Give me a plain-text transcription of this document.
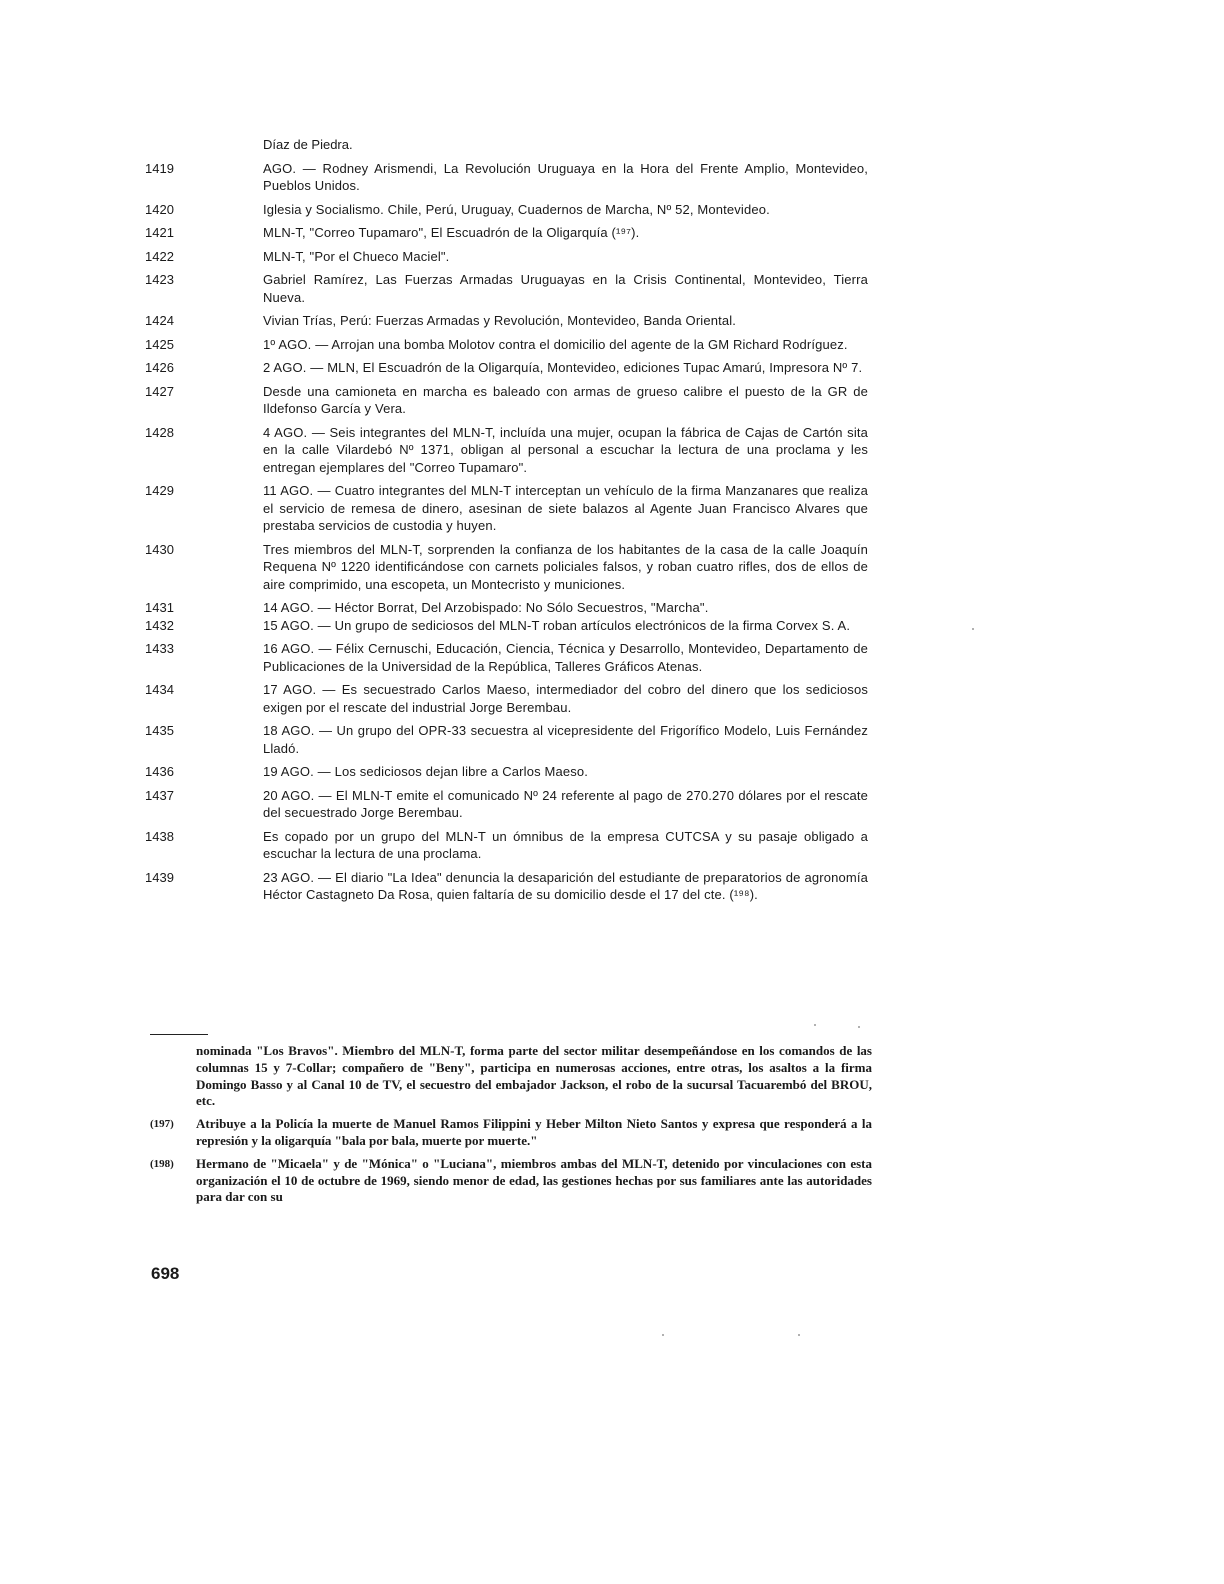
Díaz de Piedra.
1419	AGO. — Rodney Arismendi, La Revolución Uruguaya en la Hora del Frente Amplio, Montevideo, Pueblos Unidos.
1420	Iglesia y Socialismo. Chile, Perú, Uruguay, Cuadernos de Marcha, Nº 52, Montevideo.
1421	MLN-T, "Correo Tupamaro", El Escuadrón de la Oligarquía (¹⁹⁷).
1422	MLN-T, "Por el Chueco Maciel".
1423	Gabriel Ramírez, Las Fuerzas Armadas Uruguayas en la Crisis Continental, Montevideo, Tierra Nueva.
1424	Vivian Trías, Perú: Fuerzas Armadas y Revolución, Montevideo, Banda Oriental.
1425	1º AGO. — Arrojan una bomba Molotov contra el domicilio del agente de la GM Richard Rodríguez.
1426	2 AGO. — MLN, El Escuadrón de la Oligarquía, Montevideo, ediciones Tupac Amarú, Impresora Nº 7.
1427	Desde una camioneta en marcha es baleado con armas de grueso calibre el puesto de la GR de Ildefonso García y Vera.
1428	4 AGO. — Seis integrantes del MLN-T, incluída una mujer, ocupan la fábrica de Cajas de Cartón sita en la calle Vilardebó Nº 1371, obligan al personal a escuchar la lectura de una proclama y les entregan ejemplares del "Correo Tupamaro".
1429	11 AGO. — Cuatro integrantes del MLN-T interceptan un vehículo de la firma Manzanares que realiza el servicio de remesa de dinero, asesinan de siete balazos al Agente Juan Francisco Alvares que prestaba servicios de custodia y huyen.
1430	Tres miembros del MLN-T, sorprenden la confianza de los habitantes de la casa de la calle Joaquín Requena Nº 1220 identificándose con carnets policiales falsos, y roban cuatro rifles, dos de ellos de aire comprimido, una escopeta, un Montecristo y municiones.
1431	14 AGO. — Héctor Borrat, Del Arzobispado: No Sólo Secuestros, "Marcha".
1432	15 AGO. — Un grupo de sediciosos del MLN-T roban artículos electrónicos de la firma Corvex S. A.
1433	16 AGO. — Félix Cernuschi, Educación, Ciencia, Técnica y Desarrollo, Montevideo, Departamento de Publicaciones de la Universidad de la República, Talleres Gráficos Atenas.
1434	17 AGO. — Es secuestrado Carlos Maeso, intermediador del cobro del dinero que los sediciosos exigen por el rescate del industrial Jorge Berembau.
1435	18 AGO. — Un grupo del OPR-33 secuestra al vicepresidente del Frigorífico Modelo, Luis Fernández Lladó.
1436	19 AGO. — Los sediciosos dejan libre a Carlos Maeso.
1437	20 AGO. — El MLN-T emite el comunicado Nº 24 referente al pago de 270.270 dólares por el rescate del secuestrado Jorge Berembau.
1438	Es copado por un grupo del MLN-T un ómnibus de la empresa CUTCSA y su pasaje obligado a escuchar la lectura de una proclama.
1439	23 AGO. — El diario "La Idea" denuncia la desaparición del estudiante de preparatorios de agronomía Héctor Castagneto Da Rosa, quien faltaría de su domicilio desde el 17 del cte. (¹⁹⁸).
nominada "Los Bravos". Miembro del MLN-T, forma parte del sector militar desempeñándose en los comandos de las columnas 15 y 7-Collar; compañero de "Beny", participa en numerosas acciones, entre otras, los asaltos a la firma Domingo Basso y al Canal 10 de TV, el secuestro del embajador Jackson, el robo de la sucursal Tacuarembó del BROU, etc.
(197)	Atribuye a la Policía la muerte de Manuel Ramos Filippini y Heber Milton Nieto Santos y expresa que responderá a la represión y la oligarquía "bala por bala, muerte por muerte."
(198)	Hermano de "Micaela" y de "Mónica" o "Luciana", miembros ambas del MLN-T, detenido por vinculaciones con esta organización el 10 de octubre de 1969, siendo menor de edad, las gestiones hechas por sus familiares ante las autoridades para dar con su
698
